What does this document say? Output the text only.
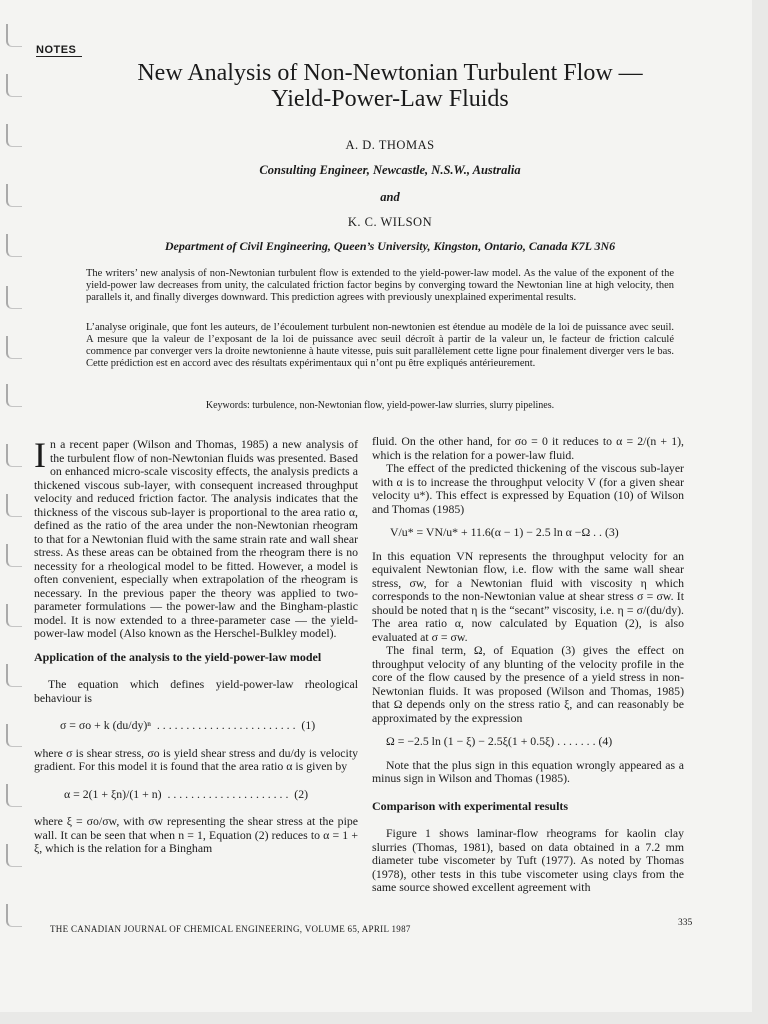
NOTES
New Analysis of Non-Newtonian Turbulent Flow —
Yield-Power-Law Fluids
A. D. THOMAS
Consulting Engineer, Newcastle, N.S.W., Australia
and
K. C. WILSON
Department of Civil Engineering, Queen’s University, Kingston, Ontario, Canada K7L 3N6
The writers’ new analysis of non-Newtonian turbulent flow is extended to the yield-power-law model. As the value of the exponent of the yield-power law decreases from unity, the calculated friction factor begins by converging toward the Newtonian line at high velocity, then parallels it, and finally diverges downward. This prediction agrees with previously unexplained experimental results.
L’analyse originale, que font les auteurs, de l’écoulement turbulent non-newtonien est étendue au modèle de la loi de puissance avec seuil. A mesure que la valeur de l’exposant de la loi de puissance avec seuil décroît à partir de la valeur un, le facteur de friction calculé commence par converger vers la droite newtonienne à haute vitesse, puis suit parallèlement cette ligne pour finalement diverger vers le bas. Cette prédiction est en accord avec des résultats expérimentaux qui n’ont pu être expliqués antérieurement.
Keywords: turbulence, non-Newtonian flow, yield-power-law slurries, slurry pipelines.

In a recent paper (Wilson and Thomas, 1985) a new analysis of the turbulent flow of non-Newtonian fluids was presented. Based on enhanced micro-scale viscosity effects, the analysis predicts a thickened viscous sub-layer, with consequent increased throughput velocity and reduced friction factor. The analysis indicates that the thickness of the viscous sub-layer is proportional to the area ratio α, defined as the ratio of the area under the non-Newtonian rheogram to that for a Newtonian fluid with the same strain rate and wall shear stress. As these areas can be obtained from the rheogram there is no necessity for a rheological model to be fitted. However, a model is often convenient, especially when extrapolation of the rheogram is necessary. In the previous paper the theory was applied to two-parameter formulations — the power-law and the Bingham-plastic model. It is now extended to a three-parameter case — the yield-power-law model (Also known as the Herschel-Bulkley model).

Application of the analysis to the yield-power-law model

The equation which defines yield-power-law rheological behaviour is

σ = σo + k (du/dy)ⁿ  . . . . . . . . . . . . . . . . . . . . . . . .  (1)

where σ is shear stress, σo is yield shear stress and du/dy is velocity gradient. For this model it is found that the area ratio α is given by

α = 2(1 + ξn)/(1 + n)  . . . . . . . . . . . . . . . . . . . . .  (2)

where ξ = σo/σw, with σw representing the shear stress at the pipe wall. It can be seen that when n = 1, Equation (2) reduces to α = 1 + ξ, which is the relation for a Bingham

fluid. On the other hand, for σo = 0 it reduces to α = 2/(n + 1), which is the relation for a power-law fluid.

The effect of the predicted thickening of the viscous sub-layer with α is to increase the throughput velocity V (for a given shear velocity u*). This effect is expressed by Equation (10) of Wilson and Thomas (1985)

V/u* = VN/u* + 11.6(α − 1) − 2.5 ln α −Ω . . (3)

In this equation VN represents the throughput velocity for an equivalent Newtonian flow, i.e. flow with the same wall shear stress, σw, for a Newtonian fluid with viscosity η which corresponds to the non-Newtonian value at shear stress σ = σw. It should be noted that η is the “secant” viscosity, i.e. η = σ/(du/dy). The area ratio α, now calculated by Equation (2), is also evaluated at σ = σw.

The final term, Ω, of Equation (3) gives the effect on throughput velocity of any blunting of the velocity profile in the core of the flow caused by the presence of a yield stress in non-Newtonian fluids. It was proposed (Wilson and Thomas, 1985) that Ω depends only on the stress ratio ξ, and can reasonably be approximated by the expression

Ω = −2.5 ln (1 − ξ) − 2.5ξ(1 + 0.5ξ) . . . . . . . (4)

Note that the plus sign in this equation wrongly appeared as a minus sign in Wilson and Thomas (1985).

Comparison with experimental results

Figure 1 shows laminar-flow rheograms for kaolin clay slurries (Thomas, 1981), based on data obtained in a 7.2 mm diameter tube viscometer by Tuft (1977). As noted by Thomas (1978), other tests in this tube viscometer using clays from the same source showed excellent agreement with

THE CANADIAN JOURNAL OF CHEMICAL ENGINEERING, VOLUME 65, APRIL 1987
335
